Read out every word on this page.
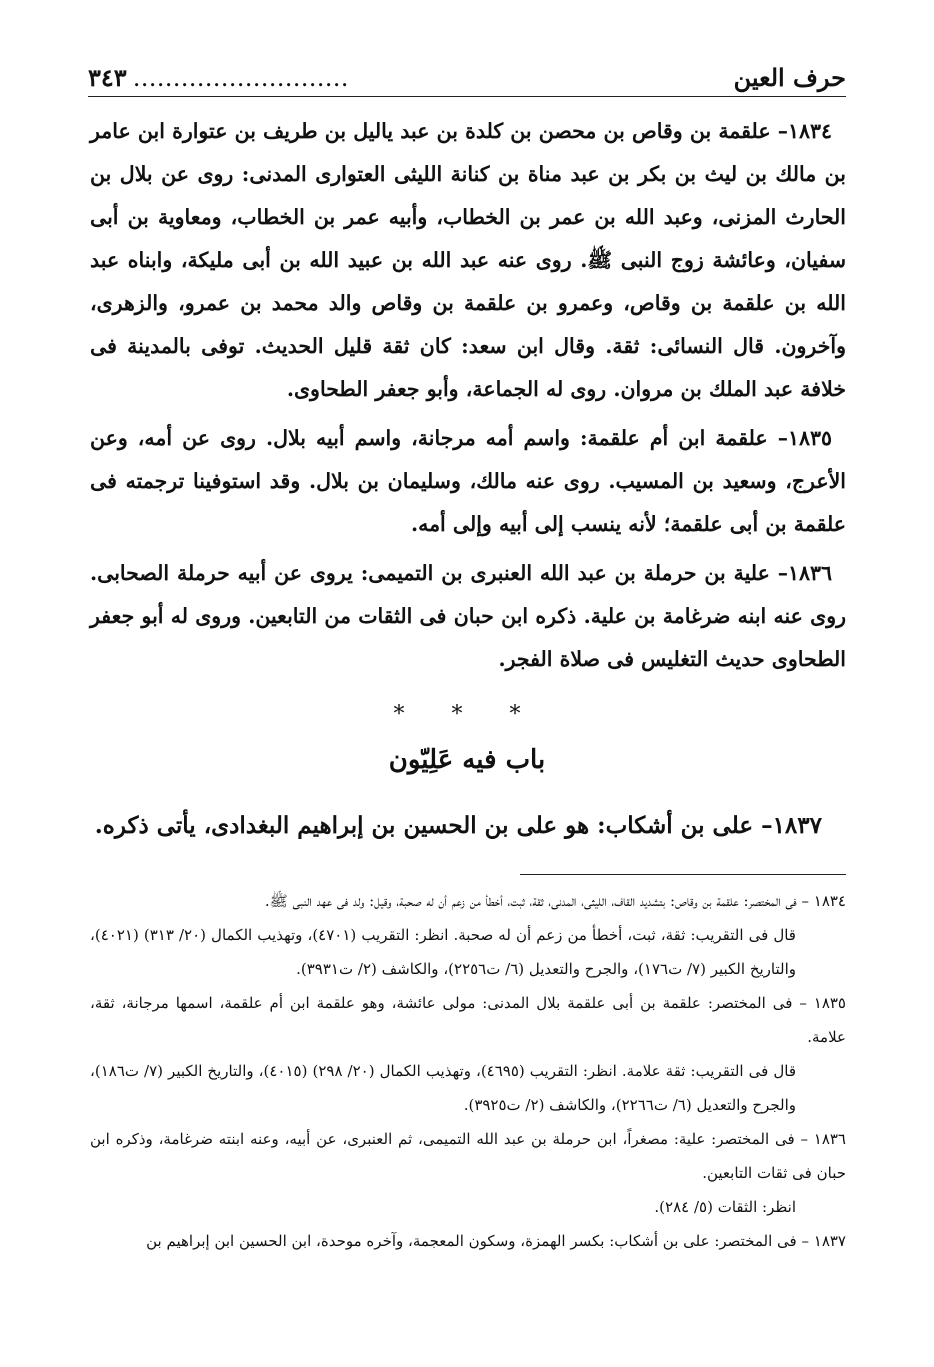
حرف العين
……………………… ٣٤٣

١٨٣٤– علقمة بن وقاص بن محصن بن كلدة بن عبد ياليل بن طريف بن عتوارة ابن عامر بن مالك بن ليث بن بكر بن عبد مناة بن كنانة الليثى العتوارى المدنى: روى عن بلال بن الحارث المزنى، وعبد الله بن عمر بن الخطاب، وأبيه عمر بن الخطاب، ومعاوية بن أبى سفيان، وعائشة زوج النبى ﷺ. روى عنه عبد الله بن عبيد الله بن أبى مليكة، وابناه عبد الله بن علقمة بن وقاص، وعمرو بن علقمة بن وقاص والد محمد بن عمرو، والزهرى، وآخرون. قال النسائى: ثقة. وقال ابن سعد: كان ثقة قليل الحديث. توفى بالمدينة فى خلافة عبد الملك بن مروان. روى له الجماعة، وأبو جعفر الطحاوى.

١٨٣٥– علقمة ابن أم علقمة: واسم أمه مرجانة، واسم أبيه بلال. روى عن أمه، وعن الأعرج، وسعيد بن المسيب. روى عنه مالك، وسليمان بن بلال. وقد استوفينا ترجمته فى علقمة بن أبى علقمة؛ لأنه ينسب إلى أبيه وإلى أمه.

١٨٣٦– علية بن حرملة بن عبد الله العنبرى بن التميمى: يروى عن أبيه حرملة الصحابى. روى عنه ابنه ضرغامة بن علية. ذكره ابن حبان فى الثقات من التابعين. وروى له أبو جعفر الطحاوى حديث التغليس فى صلاة الفجر.

* * *
باب فيه عَلِيّون
١٨٣٧– على بن أشكاب: هو على بن الحسين بن إبراهيم البغدادى، يأتى ذكره.

١٨٣٤ – فى المختصر: علقمة بن وقاص: بتشديد القاف، الليثى، المدنى، ثقة، ثبت، أخطأ من زعم أن له صحبة، وقيل: ولد فى عهد النبى ﷺ.

قال فى التقريب: ثقة، ثبت، أخطأ من زعم أن له صحبة. انظر: التقريب (٤٧٠١)، وتهذيب الكمال (٢٠/ ٣١٣) (٤٠٢١)، والتاريخ الكبير (٧/ ت١٧٦)، والجرح والتعديل (٦/ ت٢٢٥٦)، والكاشف (٢/ ت٣٩٣١).

١٨٣٥ – فى المختصر: علقمة بن أبى علقمة بلال المدنى: مولى عائشة، وهو علقمة ابن أم علقمة، اسمها مرجانة، ثقة، علامة.

قال فى التقريب: ثقة علامة. انظر: التقريب (٤٦٩٥)، وتهذيب الكمال (٢٠/ ٢٩٨) (٤٠١٥)، والتاريخ الكبير (٧/ ت١٨٦)، والجرح والتعديل (٦/ ت٢٢٦٦)، والكاشف (٢/ ت٣٩٢٥).

١٨٣٦ – فى المختصر: علية: مصغراً، ابن حرملة بن عبد الله التميمى، ثم العنبرى، عن أبيه، وعنه ابنته ضرغامة، وذكره ابن حبان فى ثقات التابعين.

انظر: الثقات (٥/ ٢٨٤).

١٨٣٧ – فى المختصر: على بن أشكاب: بكسر الهمزة، وسكون المعجمة، وآخره موحدة، ابن الحسين ابن إبراهيم بن
